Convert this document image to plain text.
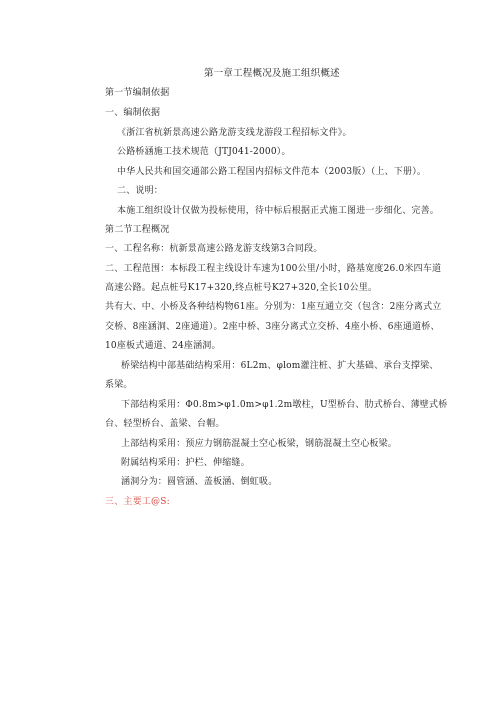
第一章工程概况及施工组织概述
第一节编制依据
一、编制依据
《浙江省杭新景高速公路龙游支线龙游段工程招标文件》。
公路桥涵施工技术规范（JTJ041-2000）。
中华人民共和国交通部公路工程国内招标文件范本（2003版）（上、下册）。
二、说明：
本施工组织设计仅做为投标使用，待中标后根据正式施工图进一步细化、完善。
第二节工程概况
一、工程名称：杭新景高速公路龙游支线第3合同段。
二、工程范围：本标段工程主线设计车速为100公里/小时，路基宽度26.0米四车道
高速公路。起点桩号K17+320,终点桩号K27+320,全长10公里。
共有大、中、小桥及各种结构物61座。分别为：1座互通立交（包含：2座分离式立
交桥、8座涵洞、2座通道）。2座中桥、3座分离式立交桥、4座小桥、6座通道桥、
10座板式通道、24座涵洞。
桥梁结构中部基础结构采用：6L2m、φlom灌注桩、扩大基础、承台支撑梁、
系梁。
下部结构采用：Φ0.8m>φ1.0m>φ1.2m墩柱，U型桥台、肋式桥台、薄壁式桥
台、轻型桥台、盖梁、台帽。
上部结构采用：预应力钢筋混凝土空心板梁，钢筋混凝土空心板梁。
附属结构采用：护栏、伸缩缝。
涵洞分为：圆管涵、盖板涵、倒虹吸。
三、主要工@S:
